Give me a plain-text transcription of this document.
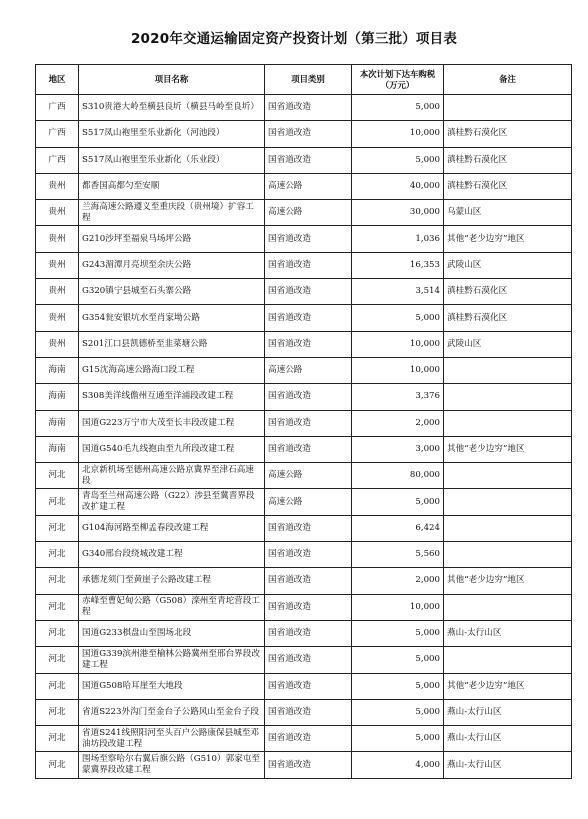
2020年交通运输固定资产投资计划（第三批）项目表
地区	项目名称	项目类别	本次计划下达车购税（万元）	备注
广西	S310贵港大岭至横县良圻（横县马岭至良圻）	国省道改造	5,000	
广西	S517凤山袍里至乐业新化（河池段）	国省道改造	10,000	滇桂黔石漠化区
广西	S517凤山袍里至乐业新化（乐业段）	国省道改造	5,000	滇桂黔石漠化区
贵州	都香国高都匀至安顺	高速公路	40,000	滇桂黔石漠化区
贵州	兰海高速公路遵义至重庆段（贵州境）扩容工程	高速公路	30,000	乌蒙山区
贵州	G210沙坪至福泉马场坪公路	国省道改造	1,036	其他“老少边穷”地区
贵州	G243湄潭月亮坝至余庆公路	国省道改造	16,353	武陵山区
贵州	G320镇宁县城至石头寨公路	国省道改造	3,514	滇桂黔石漠化区
贵州	G354瓮安银坑水至肖家坳公路	国省道改造	5,000	滇桂黔石漠化区
贵州	S201江口县凯德桥至韭菜塘公路	国省道改造	10,000	武陵山区
海南	G15沈海高速公路海口段工程	高速公路	10,000	
海南	S308美洋线儋州互通至洋浦段改建工程	国省道改造	3,376	
海南	国道G223万宁市大茂至长丰段改建工程	国省道改造	2,000	
海南	国道G540毛九线抱由至九所段改建工程	国省道改造	3,000	其他“老少边穷”地区
河北	北京新机场至德州高速公路京冀界至津石高速段	高速公路	80,000	
河北	青岛至兰州高速公路（G22）涉县至冀晋界段改扩建工程	高速公路	5,000	
河北	G104海河路至柳孟春段改建工程	国省道改造	6,424	
河北	G340邢台段绕城改建工程	国省道改造	5,560	
河北	承德龙须门至黄崖子公路改建工程	国省道改造	2,000	其他“老少边穷”地区
河北	赤峰至曹妃甸公路（G508）滦州至青坨营段工程	国省道改造	10,000	
河北	国道G233棋盘山至围场北段	国省道改造	5,000	燕山-太行山区
河北	国道G339滨州港至榆林公路冀州至邢台界段改建工程	国省道改造	5,000	
河北	国道G508哈耳崖至大地段	国省道改造	5,000	其他“老少边穷”地区
河北	省道S223外沟门至金台子公路风山至金台子段	国省道改造	5,000	燕山-太行山区
河北	省道S241线照阳河至头百户公路康保县城至邓油坊段改建工程	国省道改造	5,000	燕山-太行山区
河北	围场至察哈尔右翼后旗公路（G510）郭家屯至蒙冀界段改建工程	国省道改造	4,000	燕山-太行山区
